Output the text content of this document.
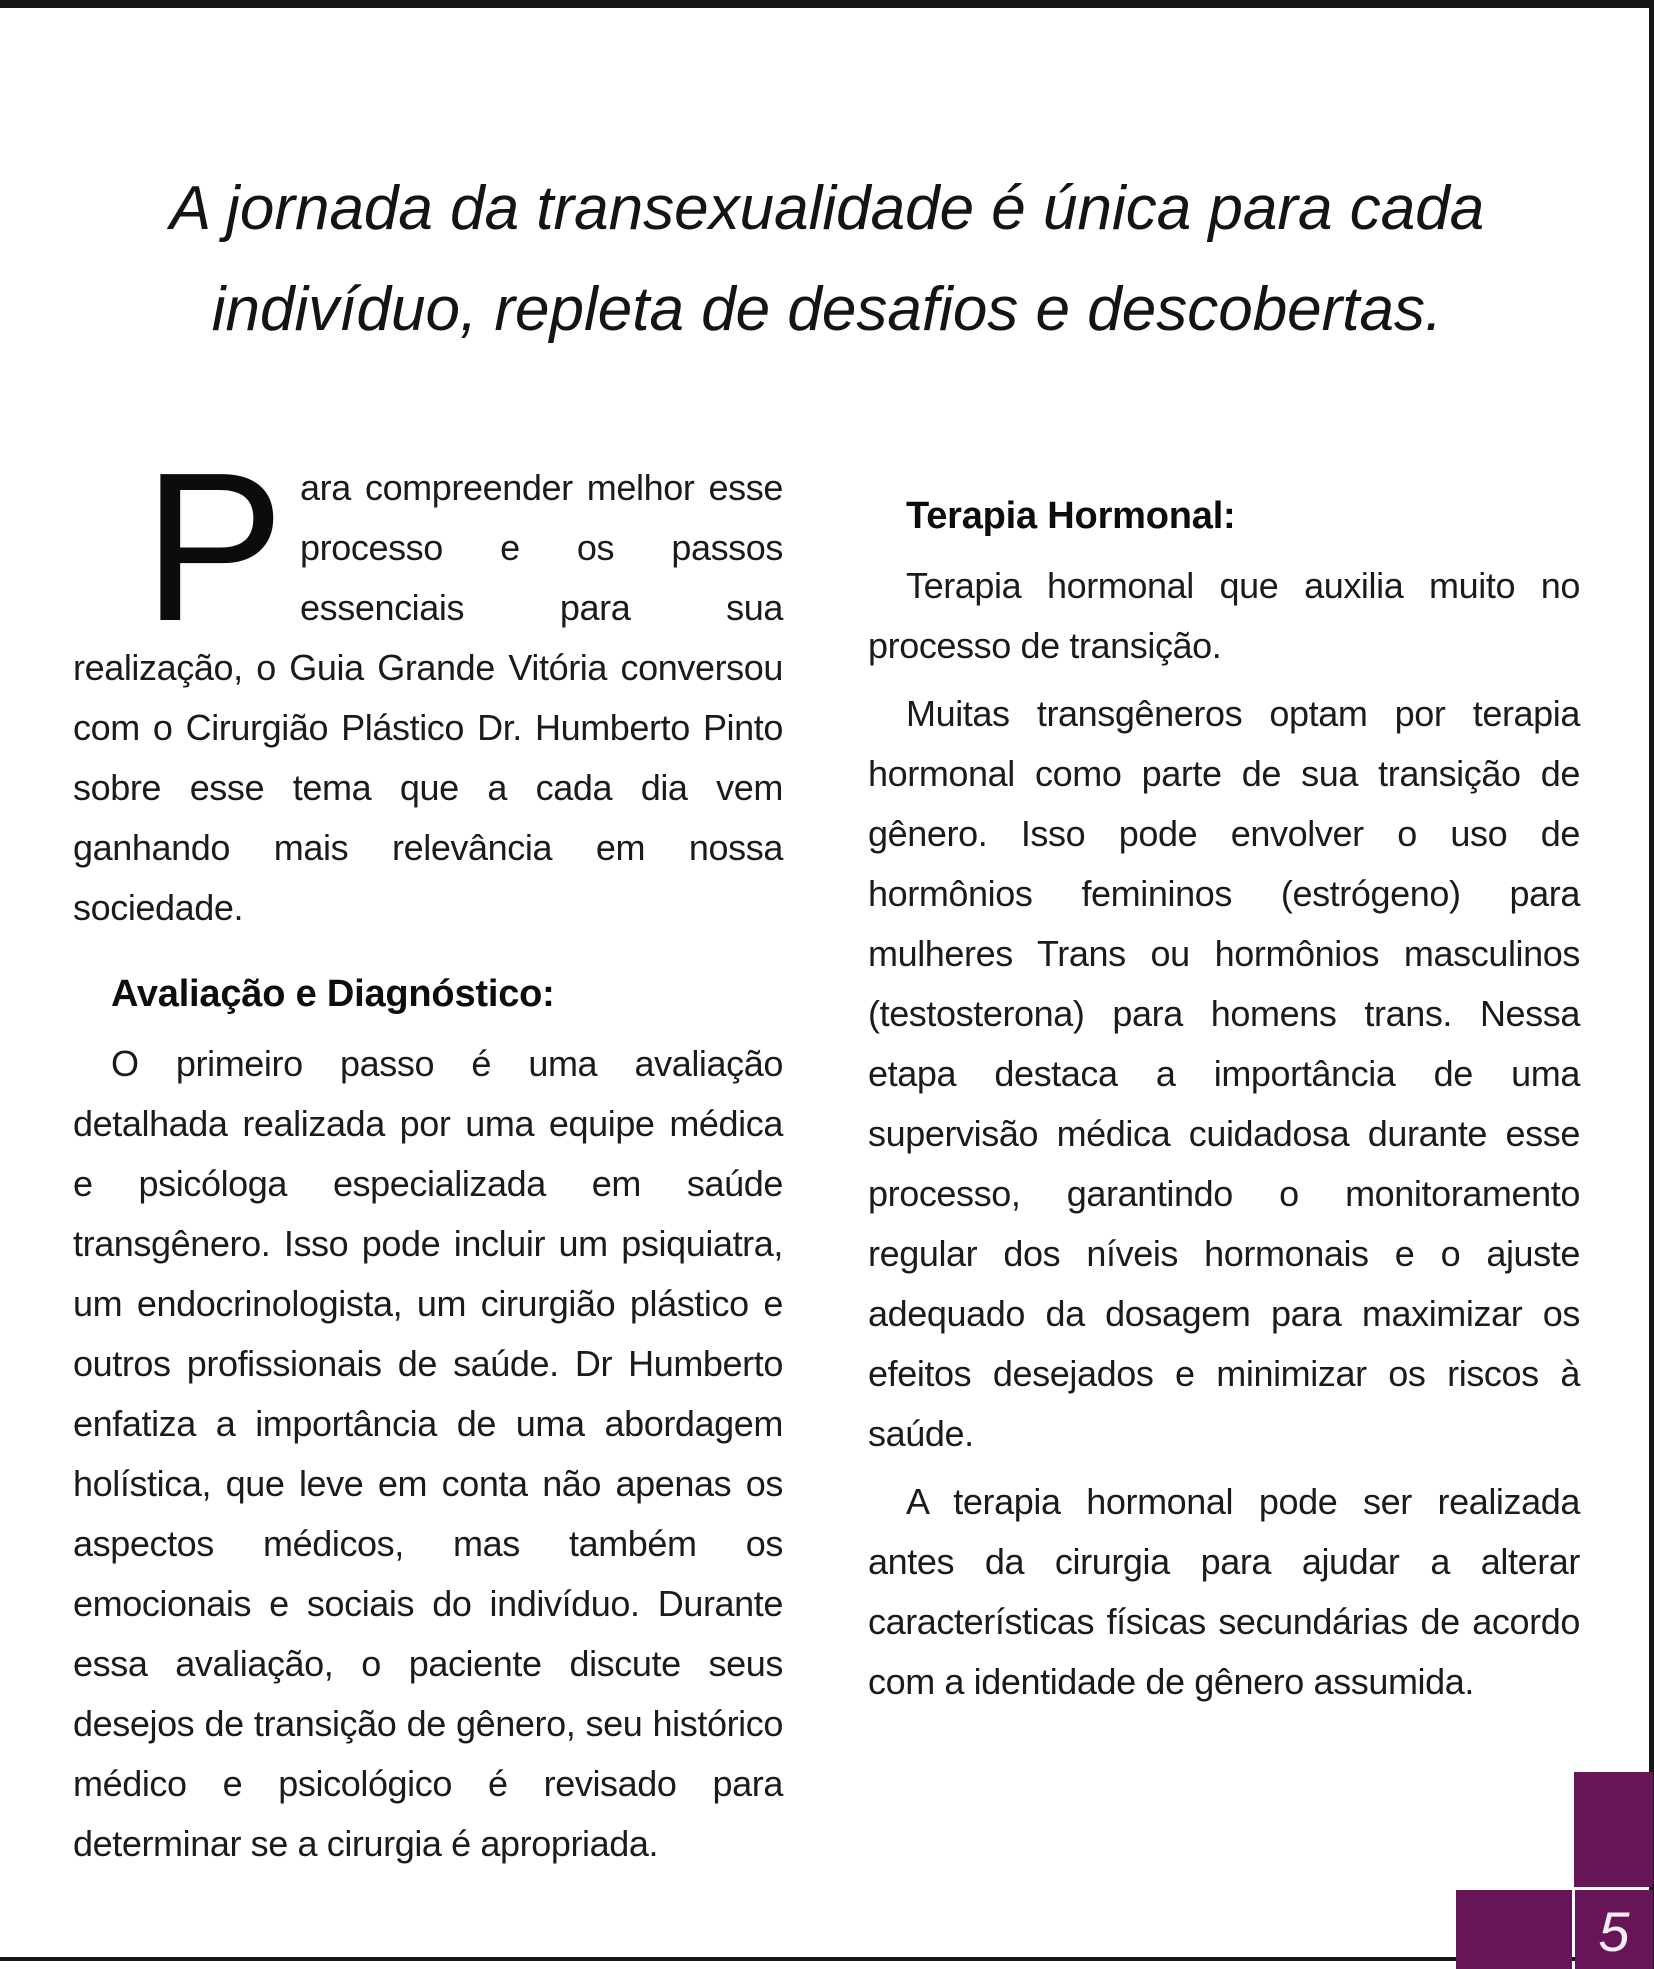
A jornada da transexualidade é única para cada indivíduo, repleta de desafios e descobertas.

Para compreender melhor esse processo e os passos essenciais para sua realização, o Guia Grande Vitória conversou com o Cirurgião Plástico Dr. Humberto Pinto sobre esse tema que a cada dia vem ganhando mais relevância em nossa sociedade.

Avaliação e Diagnóstico:

O primeiro passo é uma avaliação detalhada realizada por uma equipe médica e psicóloga especializada em saúde transgênero. Isso pode incluir um psiquiatra, um endocrinologista, um cirurgião plástico e outros profissionais de saúde. Dr Humberto enfatiza a importância de uma abordagem holística, que leve em conta não apenas os aspectos médicos, mas também os emocionais e sociais do indivíduo. Durante essa avaliação, o paciente discute seus desejos de transição de gênero, seu histórico médico e psicológico é revisado para determinar se a cirurgia é apropriada.

Terapia Hormonal:

Terapia hormonal que auxilia muito no processo de transição.

Muitas transgêneros optam por terapia hormonal como parte de sua transição de gênero. Isso pode envolver o uso de hormônios femininos (estrógeno) para mulheres Trans ou hormônios masculinos (testosterona) para homens trans. Nessa etapa destaca a importância de uma supervisão médica cuidadosa durante esse processo, garantindo o monitoramento regular dos níveis hormonais e o ajuste adequado da dosagem para maximizar os efeitos desejados e minimizar os riscos à saúde.

A terapia hormonal pode ser realizada antes da cirurgia para ajudar a alterar características físicas secundárias de acordo com a identidade de gênero assumida.

5
